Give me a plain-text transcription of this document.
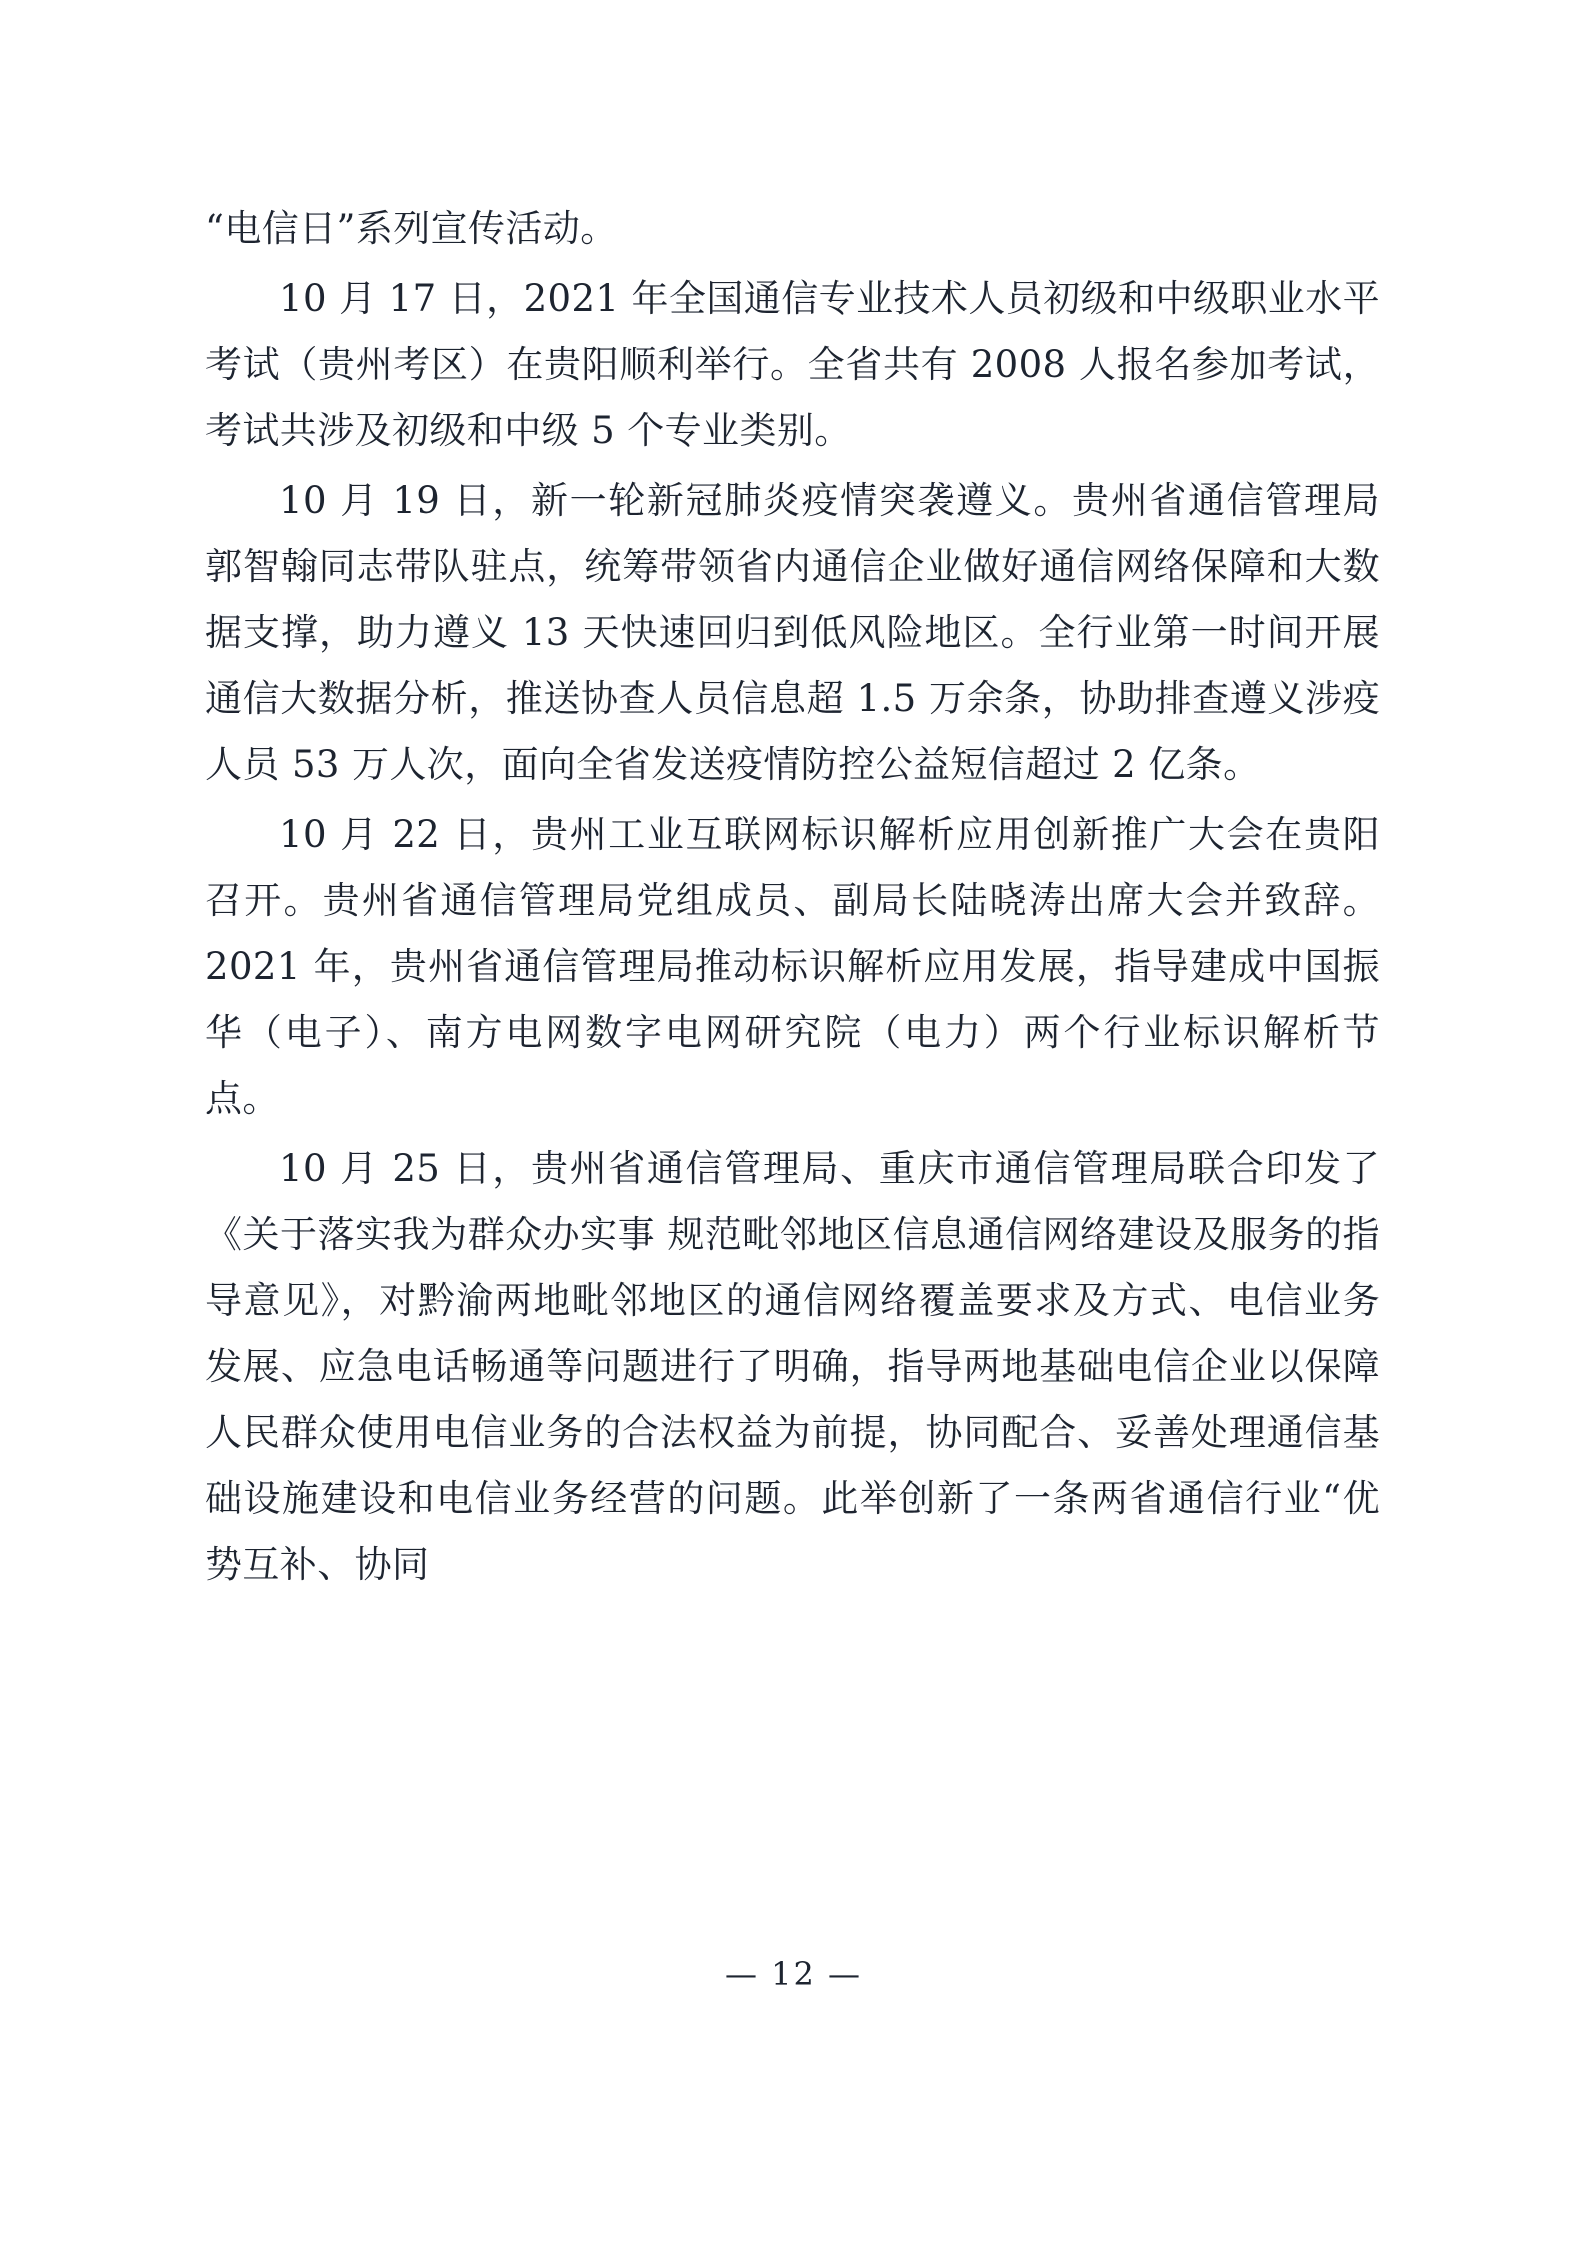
“电信日”系列宣传活动。

10 月 17 日，2021 年全国通信专业技术人员初级和中级职业水平考试（贵州考区）在贵阳顺利举行。全省共有 2008 人报名参加考试，考试共涉及初级和中级 5 个专业类别。

10 月 19 日，新一轮新冠肺炎疫情突袭遵义。贵州省通信管理局郭智翰同志带队驻点，统筹带领省内通信企业做好通信网络保障和大数据支撑，助力遵义 13 天快速回归到低风险地区。全行业第一时间开展通信大数据分析，推送协查人员信息超 1.5 万余条，协助排查遵义涉疫人员 53 万人次，面向全省发送疫情防控公益短信超过 2 亿条。

10 月 22 日，贵州工业互联网标识解析应用创新推广大会在贵阳召开。贵州省通信管理局党组成员、副局长陆晓涛出席大会并致辞。2021 年，贵州省通信管理局推动标识解析应用发展，指导建成中国振华（电子）、南方电网数字电网研究院（电力）两个行业标识解析节点。

10 月 25 日，贵州省通信管理局、重庆市通信管理局联合印发了《关于落实我为群众办实事 规范毗邻地区信息通信网络建设及服务的指导意见》，对黔渝两地毗邻地区的通信网络覆盖要求及方式、电信业务发展、应急电话畅通等问题进行了明确，指导两地基础电信企业以保障人民群众使用电信业务的合法权益为前提，协同配合、妥善处理通信基础设施建设和电信业务经营的问题。此举创新了一条两省通信行业“优势互补、协同

— 12 —
